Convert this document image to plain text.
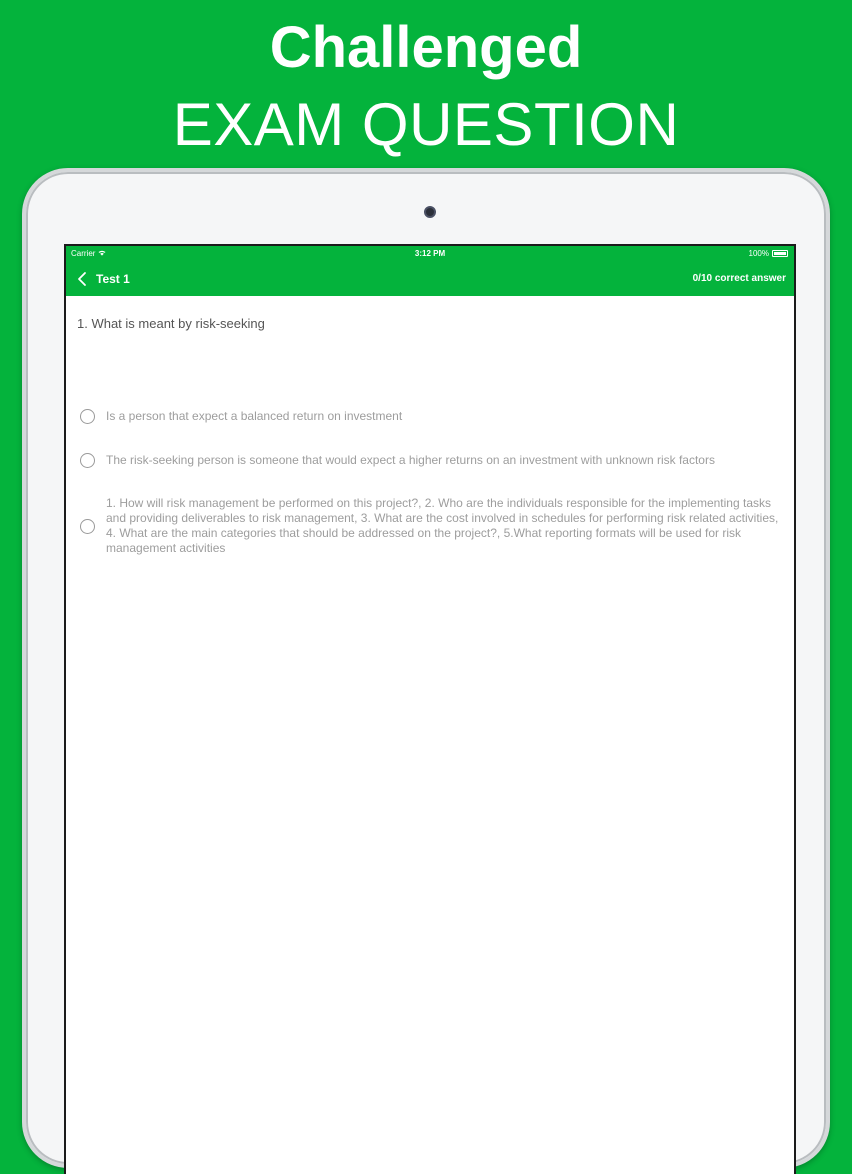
Challenged
EXAM QUESTION
Carrier	3:12 PM	100%
Test 1	0/10 correct answer
1. What is meant by risk-seeking
Is a person that expect a balanced return on investment
The risk-seeking person is someone that would expect a higher returns on an investment with unknown risk factors
1. How will risk management be performed on this project?, 2. Who are the individuals responsible for the implementing tasks and providing deliverables to risk management, 3. What are the cost involved in schedules for performing risk related activities, 4. What are the main categories that should be addressed on the project?, 5.What reporting formats will be used for risk management activities
